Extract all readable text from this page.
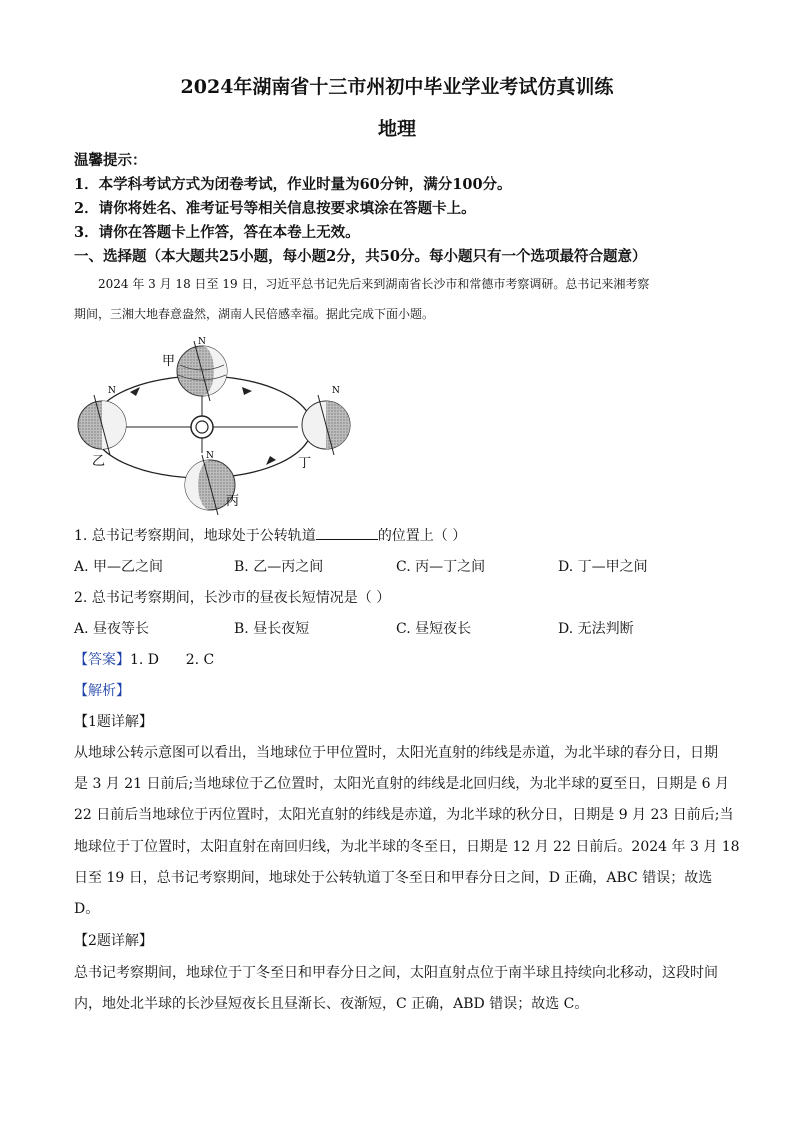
2024年湖南省十三市州初中毕业学业考试仿真训练
地理
温馨提示：
1．本学科考试方式为闭卷考试，作业时量为60分钟，满分100分。
2．请你将姓名、准考证号等相关信息按要求填涂在答题卡上。
3．请你在答题卡上作答，答在本卷上无效。
一、选择题（本大题共25小题，每小题2分，共50分。每小题只有一个选项最符合题意）
2024 年 3 月 18 日至 19 日，习近平总书记先后来到湖南省长沙市和常德市考察调研。总书记来湘考察
期间，三湘大地春意盎然，湖南人民倍感幸福。据此完成下面小题。
甲
乙
丙
丁
N
N	N
N
1. 总书记考察期间，地球处于公转轨道	的位置上（ ）
A. 甲—乙之间	B. 乙—丙之间	C. 丙—丁之间	D. 丁—甲之间
2. 总书记考察期间，长沙市的昼夜长短情况是（ ）
A. 昼夜等长	B. 昼长夜短	C. 昼短夜长	D. 无法判断
【答案】1. D      2. C
【解析】
【1题详解】
从地球公转示意图可以看出，当地球位于甲位置时，太阳光直射的纬线是赤道，为北半球的春分日，日期
是 3 月 21 日前后;当地球位于乙位置时，太阳光直射的纬线是北回归线，为北半球的夏至日，日期是 6 月
22 日前后当地球位于丙位置时，太阳光直射的纬线是赤道，为北半球的秋分日，日期是 9 月 23 日前后;当
地球位于丁位置时，太阳直射在南回归线，为北半球的冬至日，日期是 12 月 22 日前后。2024 年 3 月 18
日至 19 日，总书记考察期间，地球处于公转轨道丁冬至日和甲春分日之间，D 正确，ABC 错误；故选
D。
【2题详解】
总书记考察期间，地球位于丁冬至日和甲春分日之间，太阳直射点位于南半球且持续向北移动，这段时间
内，地处北半球的长沙昼短夜长且昼渐长、夜渐短，C 正确，ABD 错误；故选 C。
